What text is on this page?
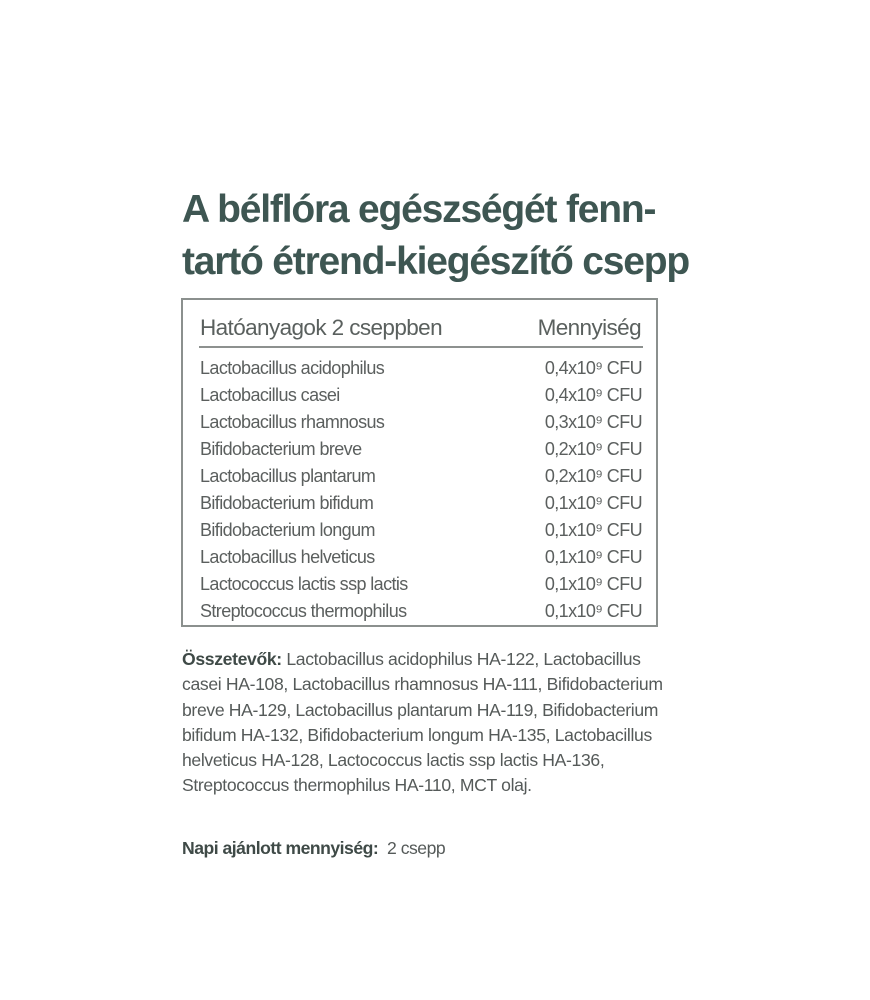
A bélflóra egészségét fenn-
tartó étrend-kiegészítő csepp
Hatóanyagok 2 cseppben	Mennyiség
Lactobacillus acidophilus	0,4x10⁹ CFU
Lactobacillus casei	0,4x10⁹ CFU
Lactobacillus rhamnosus	0,3x10⁹ CFU
Bifidobacterium breve	0,2x10⁹ CFU
Lactobacillus plantarum	0,2x10⁹ CFU
Bifidobacterium bifidum	0,1x10⁹ CFU
Bifidobacterium longum	0,1x10⁹ CFU
Lactobacillus helveticus	0,1x10⁹ CFU
Lactococcus lactis ssp lactis	0,1x10⁹ CFU
Streptococcus thermophilus	0,1x10⁹ CFU

Összetevők: Lactobacillus acidophilus HA-122, Lactobacillus casei HA-108, Lactobacillus rhamnosus HA-111, Bifidobacterium breve HA-129, Lactobacillus plantarum HA-119, Bifidobacterium bifidum HA-132, Bifidobacterium longum HA-135, Lactobacillus helveticus HA-128, Lactococcus lactis ssp lactis HA-136, Streptococcus thermophilus HA-110, MCT olaj.

Napi ajánlott mennyiség: 2 csepp
